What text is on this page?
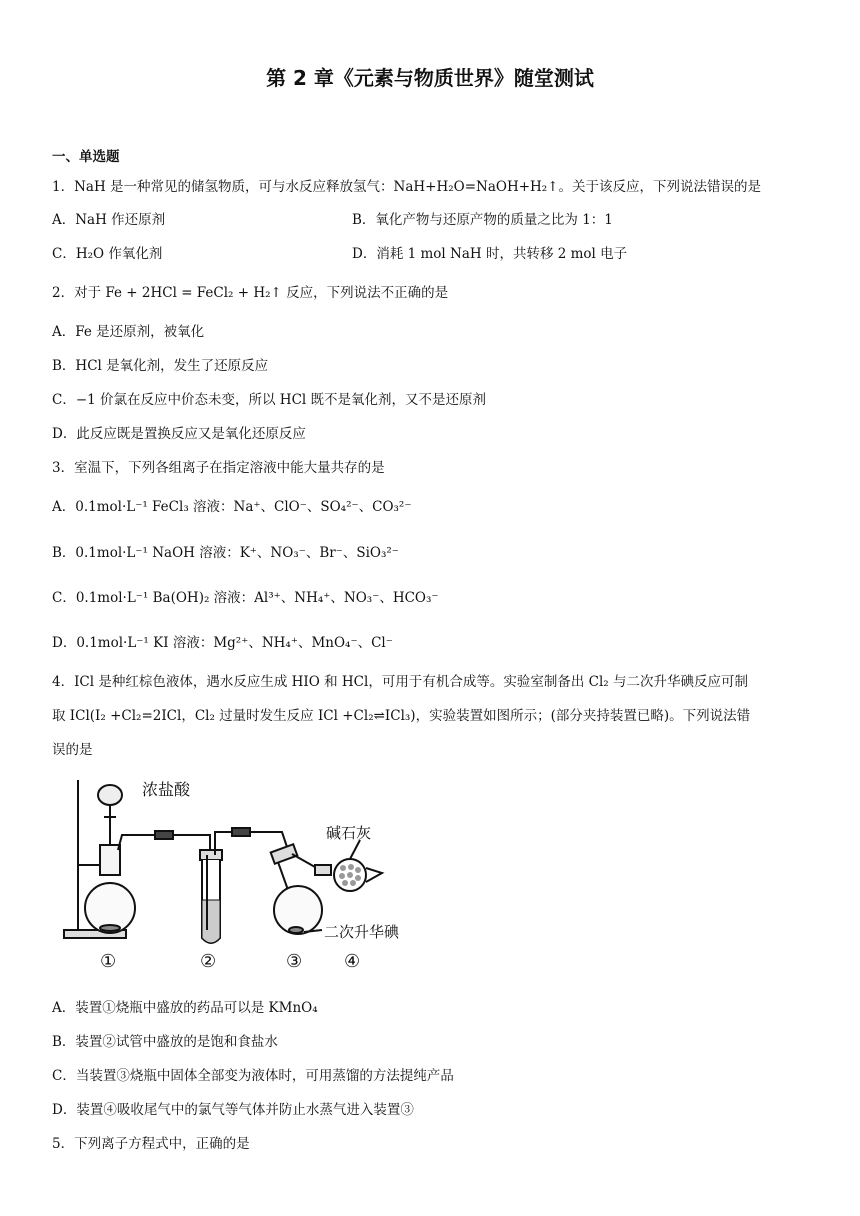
第 2 章《元素与物质世界》随堂测试
一、单选题
1．NaH 是一种常见的储氢物质，可与水反应释放氢气：NaH+H₂O=NaOH+H₂↑。关于该反应，下列说法错误的是
A．NaH 作还原剂	B．氧化产物与还原产物的质量之比为 1：1
C．H₂O 作氧化剂	D．消耗 1 mol NaH 时，共转移 2 mol 电子
2．对于 Fe + 2HCl = FeCl₂ + H₂↑ 反应，下列说法不正确的是
A．Fe 是还原剂，被氧化
B．HCl 是氧化剂，发生了还原反应
C．−1 价氯在反应中价态未变，所以 HCl 既不是氧化剂，又不是还原剂
D．此反应既是置换反应又是氧化还原反应
3．室温下，下列各组离子在指定溶液中能大量共存的是
A．0.1mol·L⁻¹ FeCl₃ 溶液：Na⁺、ClO⁻、SO₄²⁻、CO₃²⁻
B．0.1mol·L⁻¹ NaOH 溶液：K⁺、NO₃⁻、Br⁻、SiO₃²⁻
C．0.1mol·L⁻¹ Ba(OH)₂ 溶液：Al³⁺、NH₄⁺、NO₃⁻、HCO₃⁻
D．0.1mol·L⁻¹ KI 溶液：Mg²⁺、NH₄⁺、MnO₄⁻、Cl⁻
4．ICl 是种红棕色液体，遇水反应生成 HIO 和 HCl，可用于有机合成等。实验室制备出 Cl₂ 与二次升华碘反应可制
取 ICl(I₂ +Cl₂=2ICl，Cl₂ 过量时发生反应 ICl +Cl₂⇌ICl₃)，实验装置如图所示；(部分夹持装置已略)。下列说法错
误的是
浓盐酸
碱石灰
二次升华碘
①	②	③ ④
A．装置①烧瓶中盛放的药品可以是 KMnO₄
B．装置②试管中盛放的是饱和食盐水
C．当装置③烧瓶中固体全部变为液体时，可用蒸馏的方法提纯产品
D．装置④吸收尾气中的氯气等气体并防止水蒸气进入装置③
5．下列离子方程式中，正确的是
